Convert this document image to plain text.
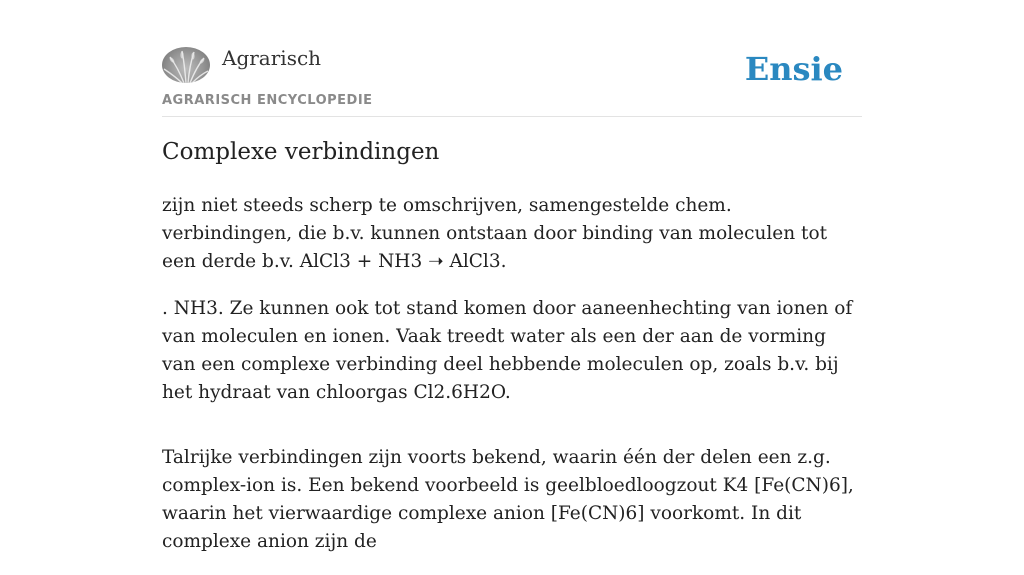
Agrarisch
AGRARISCH ENCYCLOPEDIE
Ensie
Complexe verbindingen

zijn niet steeds scherp te omschrijven, samengestelde chem. verbindingen, die b.v. kunnen ontstaan door binding van moleculen tot een derde b.v. AlCl3 + NH3 ➝ AlCl3.

. NH3. Ze kunnen ook tot stand komen door aaneenhechting van ionen of van moleculen en ionen. Vaak treedt water als een der aan de vorming van een complexe verbinding deel hebbende moleculen op, zoals b.v. bij het hydraat van chloorgas Cl2.6H2O.

Talrijke verbindingen zijn voorts bekend, waarin één der delen een z.g. complex-ion is. Een bekend voorbeeld is geelbloedloogzout K4 [Fe(CN)6], waarin het vierwaardige complexe anion [Fe(CN)6] voorkomt. In dit complexe anion zijn de
